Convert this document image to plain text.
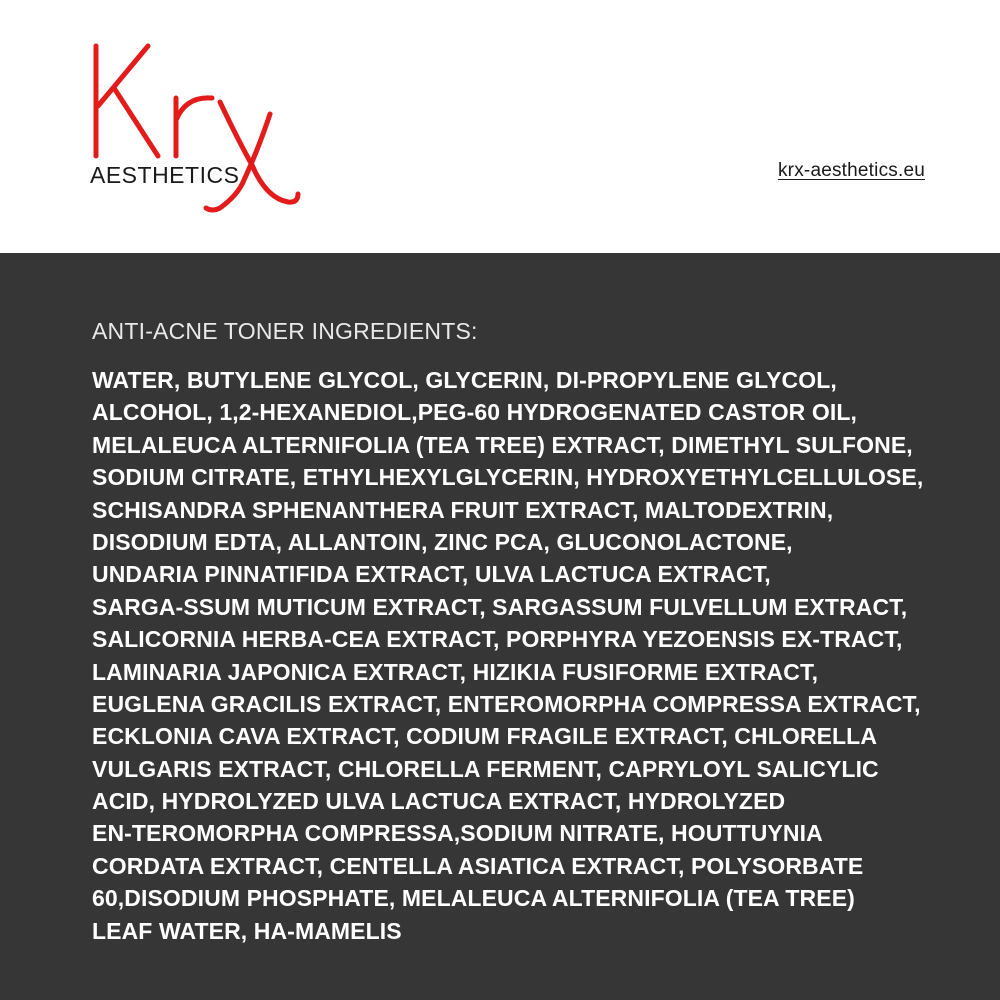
AESTHETICS	krx-aesthetics.eu
ANTI-ACNE TONER INGREDIENTS:
WATER, BUTYLENE GLYCOL, GLYCERIN, DI-PROPYLENE GLYCOL,
ALCOHOL, 1,2-HEXANEDIOL,PEG-60 HYDROGENATED CASTOR OIL,
MELALEUCA ALTERNIFOLIA (TEA TREE) EXTRACT, DIMETHYL SULFONE,
SODIUM CITRATE, ETHYLHEXYLGLYCERIN, HYDROXYETHYLCELLULOSE,
SCHISANDRA SPHENANTHERA FRUIT EXTRACT, MALTODEXTRIN,
DISODIUM EDTA, ALLANTOIN, ZINC PCA, GLUCONOLACTONE,
UNDARIA PINNATIFIDA EXTRACT, ULVA LACTUCA EXTRACT,
SARGA-SSUM MUTICUM EXTRACT, SARGASSUM FULVELLUM EXTRACT,
SALICORNIA HERBA-CEA EXTRACT, PORPHYRA YEZOENSIS EX-TRACT,
LAMINARIA JAPONICA EXTRACT, HIZIKIA FUSIFORME EXTRACT,
EUGLENA GRACILIS EXTRACT, ENTEROMORPHA COMPRESSA EXTRACT,
ECKLONIA CAVA EXTRACT, CODIUM FRAGILE EXTRACT, CHLORELLA
VULGARIS EXTRACT, CHLORELLA FERMENT, CAPRYLOYL SALICYLIC
ACID, HYDROLYZED ULVA LACTUCA EXTRACT, HYDROLYZED
EN-TEROMORPHA COMPRESSA,SODIUM NITRATE, HOUTTUYNIA
CORDATA EXTRACT, CENTELLA ASIATICA EXTRACT, POLYSORBATE
60,DISODIUM PHOSPHATE, MELALEUCA ALTERNIFOLIA (TEA TREE)
LEAF WATER, HA-MAMELIS
